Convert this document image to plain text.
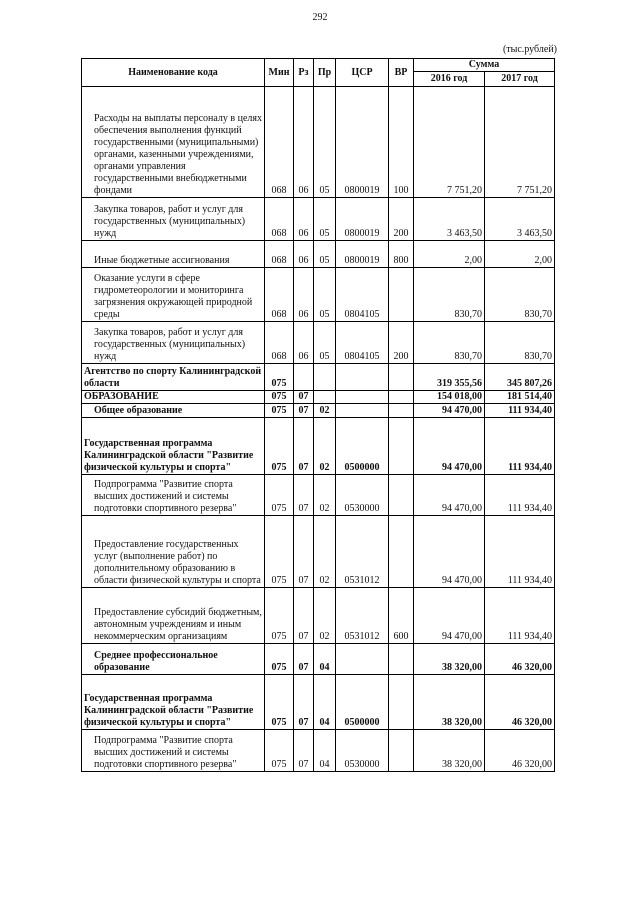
292
(тыс.рублей)
Наименование кода	Мин	Рз	Пр	ЦСР	ВР	Сумма	
						2016 год	2017 год
Расходы на выплаты персоналу в целях обеспечения выполнения функций государственными (муниципальными) органами, казенными учреждениями, органами управления государственными внебюджетными фондами	068	06	05	0800019	100	7 751,20	7 751,20
Закупка товаров, работ и услуг для государственных (муниципальных) нужд	068	06	05	0800019	200	3 463,50	3 463,50
Иные бюджетные ассигнования	068	06	05	0800019	800	2,00	2,00
Оказание услуги в сфере гидрометеорологии и мониторинга загрязнения окружающей природной среды	068	06	05	0804105		830,70	830,70
Закупка товаров, работ и услуг для государственных (муниципальных) нужд	068	06	05	0804105	200	830,70	830,70
Агентство по спорту Калининградской области	075					319 355,56	345 807,26
ОБРАЗОВАНИЕ	075	07				154 018,00	181 514,40
Общее образование	075	07	02			94 470,00	111 934,40
Государственная программа Калининградской области "Развитие физической культуры и спорта"	075	07	02	0500000		94 470,00	111 934,40
Подпрограмма "Развитие спорта высших достижений и системы подготовки спортивного резерва"	075	07	02	0530000		94 470,00	111 934,40
Предоставление государственных услуг (выполнение работ) по дополнительному образованию в области физической культуры и спорта	075	07	02	0531012		94 470,00	111 934,40
Предоставление субсидий бюджетным, автономным учреждениям и иным некоммерческим организациям	075	07	02	0531012	600	94 470,00	111 934,40
Среднее профессиональное образование	075	07	04			38 320,00	46 320,00
Государственная программа Калининградской области "Развитие физической культуры и спорта"	075	07	04	0500000		38 320,00	46 320,00
Подпрограмма "Развитие спорта высших достижений и системы подготовки спортивного резерва"	075	07	04	0530000		38 320,00	46 320,00
